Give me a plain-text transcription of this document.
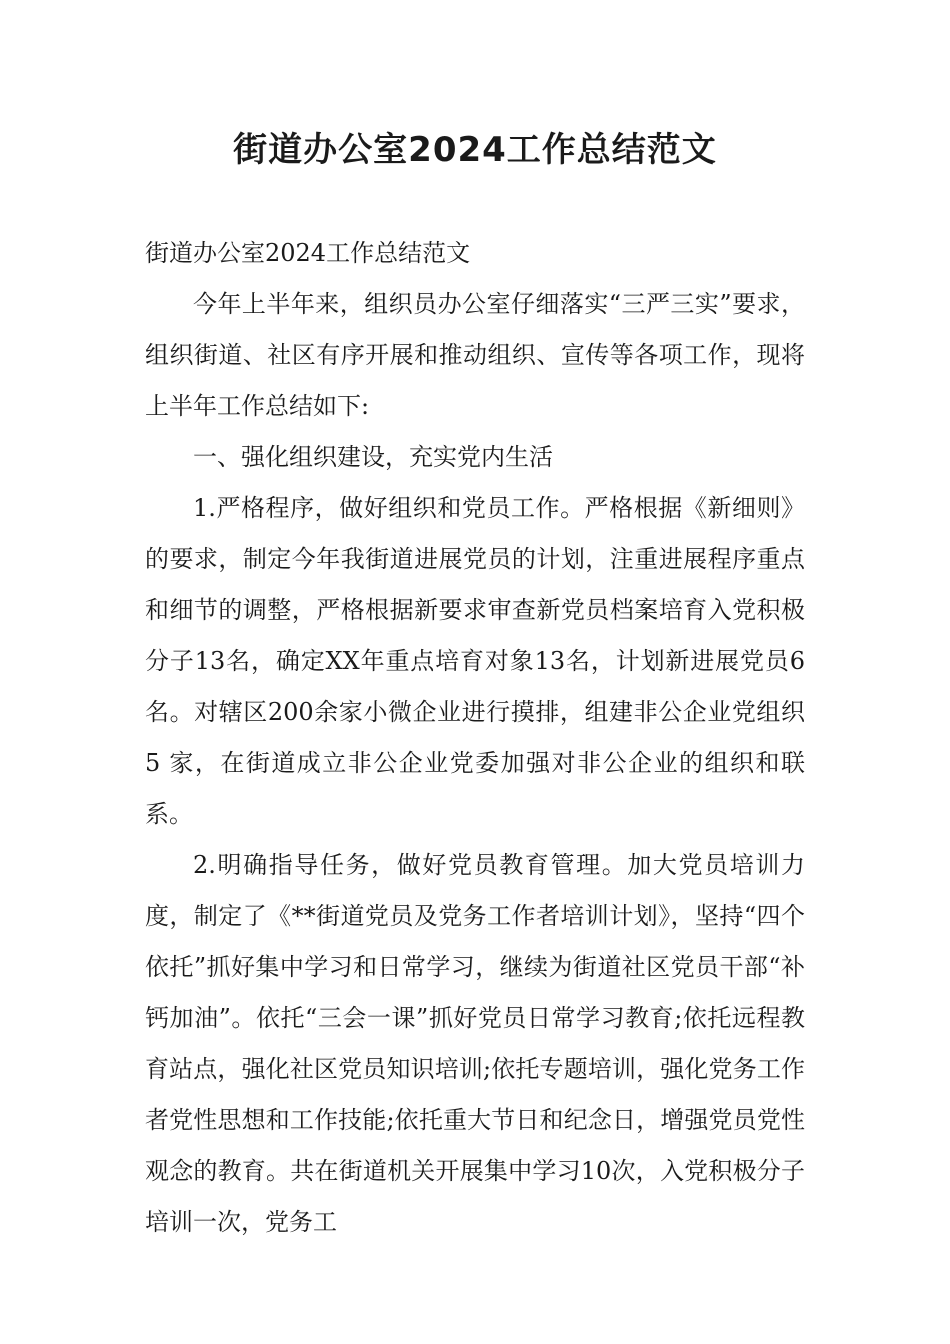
街道办公室2024工作总结范文

街道办公室2024工作总结范文

今年上半年来，组织员办公室仔细落实“三严三实”要求，组织街道、社区有序开展和推动组织、宣传等各项工作，现将上半年工作总结如下:

一、强化组织建设，充实党内生活

1.严格程序，做好组织和党员工作。严格根据《新细则》的要求，制定今年我街道进展党员的计划，注重进展程序重点和细节的调整，严格根据新要求审查新党员档案培育入党积极分子13名，确定XX年重点培育对象13名，计划新进展党员6名。对辖区200余家小微企业进行摸排，组建非公企业党组织5 家，在街道成立非公企业党委加强对非公企业的组织和联系。

2.明确指导任务，做好党员教育管理。加大党员培训力度，制定了《**街道党员及党务工作者培训计划》，坚持“四个依托”抓好集中学习和日常学习，继续为街道社区党员干部“补钙加油”。依托“三会一课”抓好党员日常学习教育;依托远程教育站点，强化社区党员知识培训;依托专题培训，强化党务工作者党性思想和工作技能;依托重大节日和纪念日，增强党员党性观念的教育。共在街道机关开展集中学习10次，入党积极分子培训一次，党务工
